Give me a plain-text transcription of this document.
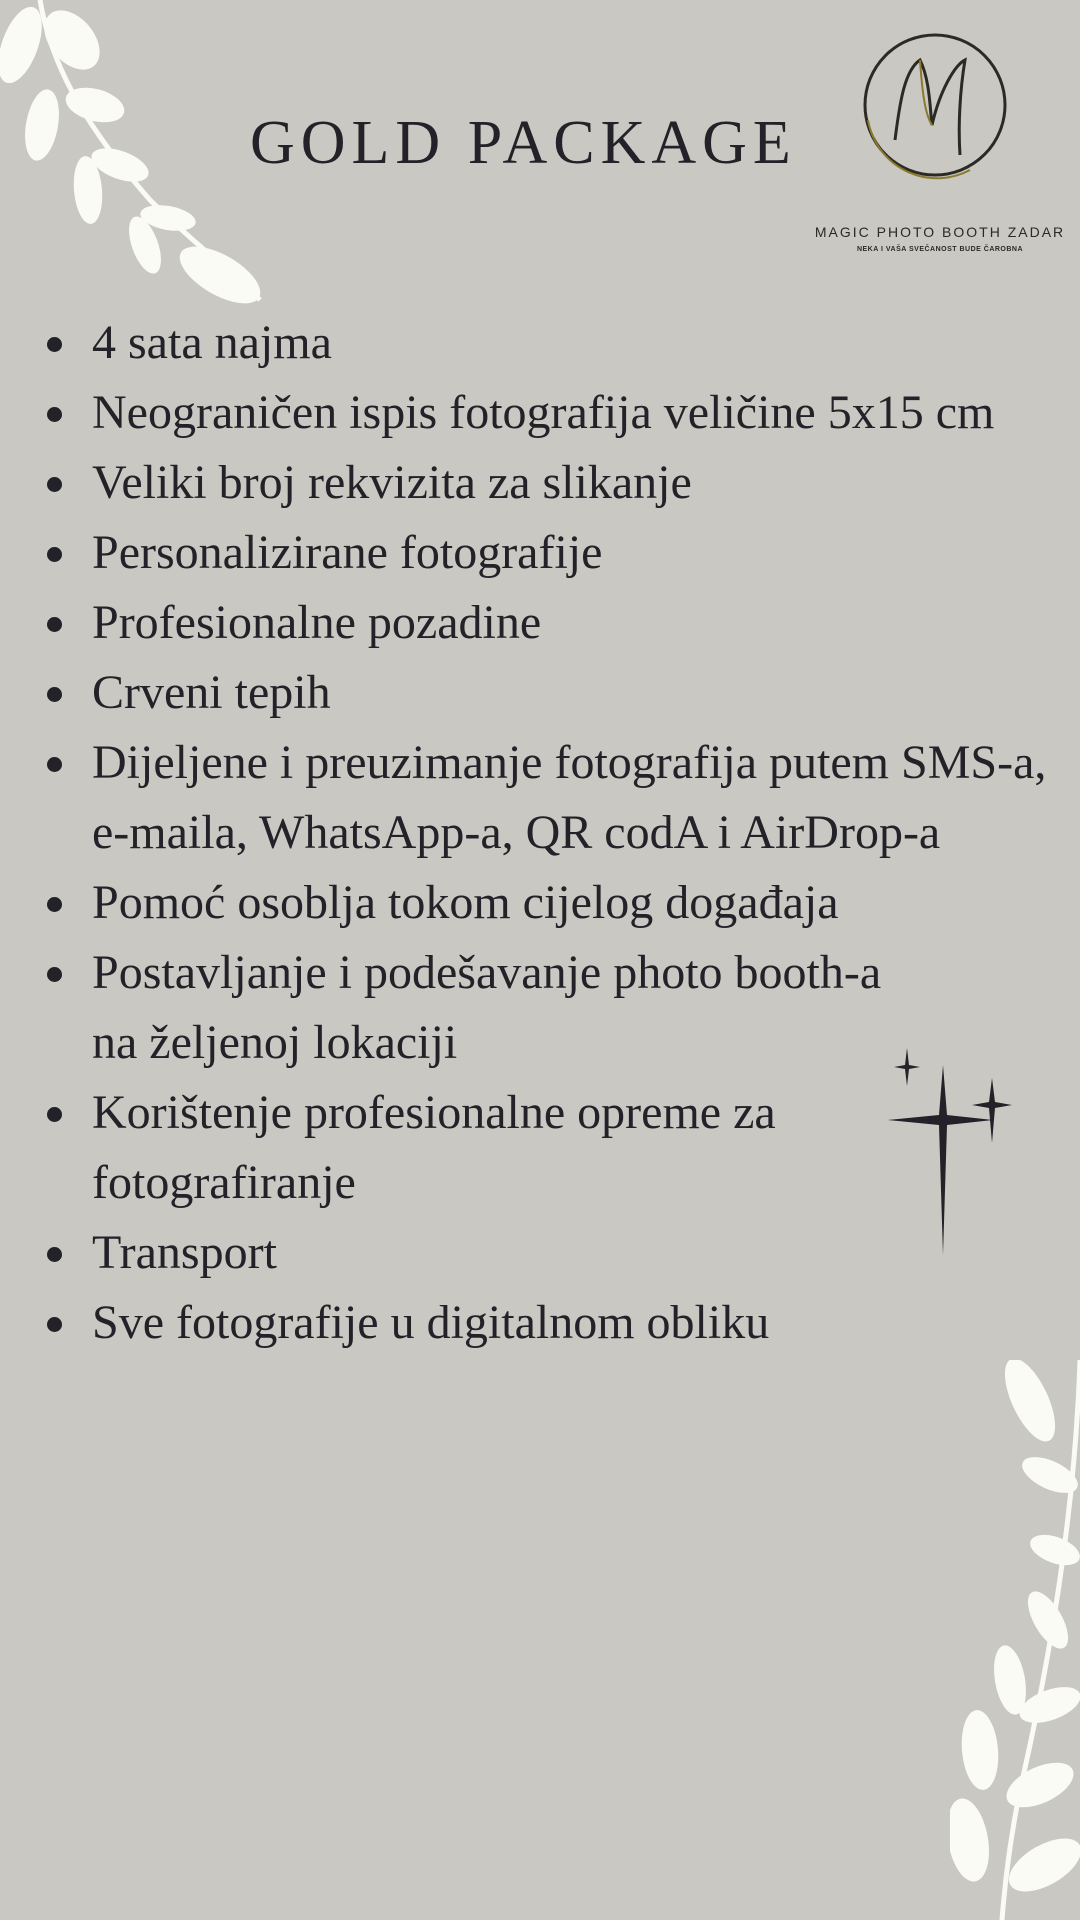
GOLD PACKAGE
MAGIC PHOTO BOOTH ZADAR
NEKA I VAŠA SVEČANOST BUDE ČAROBNA
4 sata najma
Neograničen ispis fotografija veličine 5x15 cm
Veliki broj rekvizita za slikanje
Personalizirane fotografije
Profesionalne pozadine
Crveni tepih
Dijeljene i preuzimanje fotografija putem SMS-a, e-maila, WhatsApp-a, QR codA i AirDrop-a
Pomoć osoblja tokom cijelog događaja
Postavljanje i podešavanje photo booth-a na željenoj lokaciji
Korištenje profesionalne opreme za fotografiranje
Transport
Sve fotografije u digitalnom obliku
